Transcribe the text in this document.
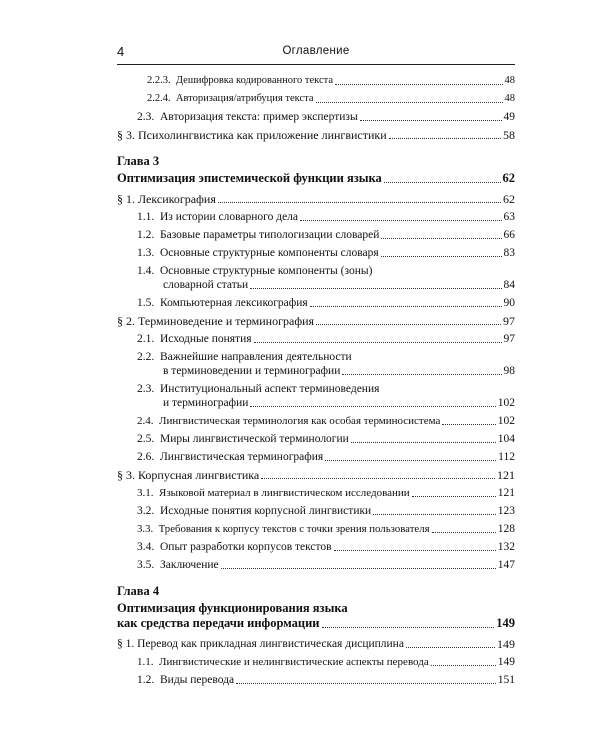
4	Оглавление
2.2.3. Дешифровка кодированного текста	48
2.2.4. Авторизация/атрибуция текста	48
2.3. Авторизация текста: пример экспертизы	49
§ 3. Психолингвистика как приложение лингвистики	58
Глава 3
Оптимизация эпистемической функции языка	62
§ 1. Лексикография	62
1.1. Из истории словарного дела	63
1.2. Базовые параметры типологизации словарей	66
1.3. Основные структурные компоненты словаря	83
1.4. Основные структурные компоненты (зоны)
словарной статьи	84
1.5. Компьютерная лексикография	90
§ 2. Терминоведение и терминография	97
2.1. Исходные понятия	97
2.2. Важнейшие направления деятельности
в терминоведении и терминографии	98
2.3. Институциональный аспект терминоведения
и терминографии	102
2.4. Лингвистическая терминология как особая терминосистема	102
2.5. Миры лингвистической терминологии	104
2.6. Лингвистическая терминография	112
§ 3. Корпусная лингвистика	121
3.1. Языковой материал в лингвистическом исследовании	121
3.2. Исходные понятия корпусной лингвистики	123
3.3. Требования к корпусу текстов с точки зрения пользователя	128
3.4. Опыт разработки корпусов текстов	132
3.5. Заключение	147
Глава 4
Оптимизация функционирования языка
как средства передачи информации	149
§ 1. Перевод как прикладная лингвистическая дисциплина	149
1.1. Лингвистические и нелингвистические аспекты перевода	149
1.2. Виды перевода	151
